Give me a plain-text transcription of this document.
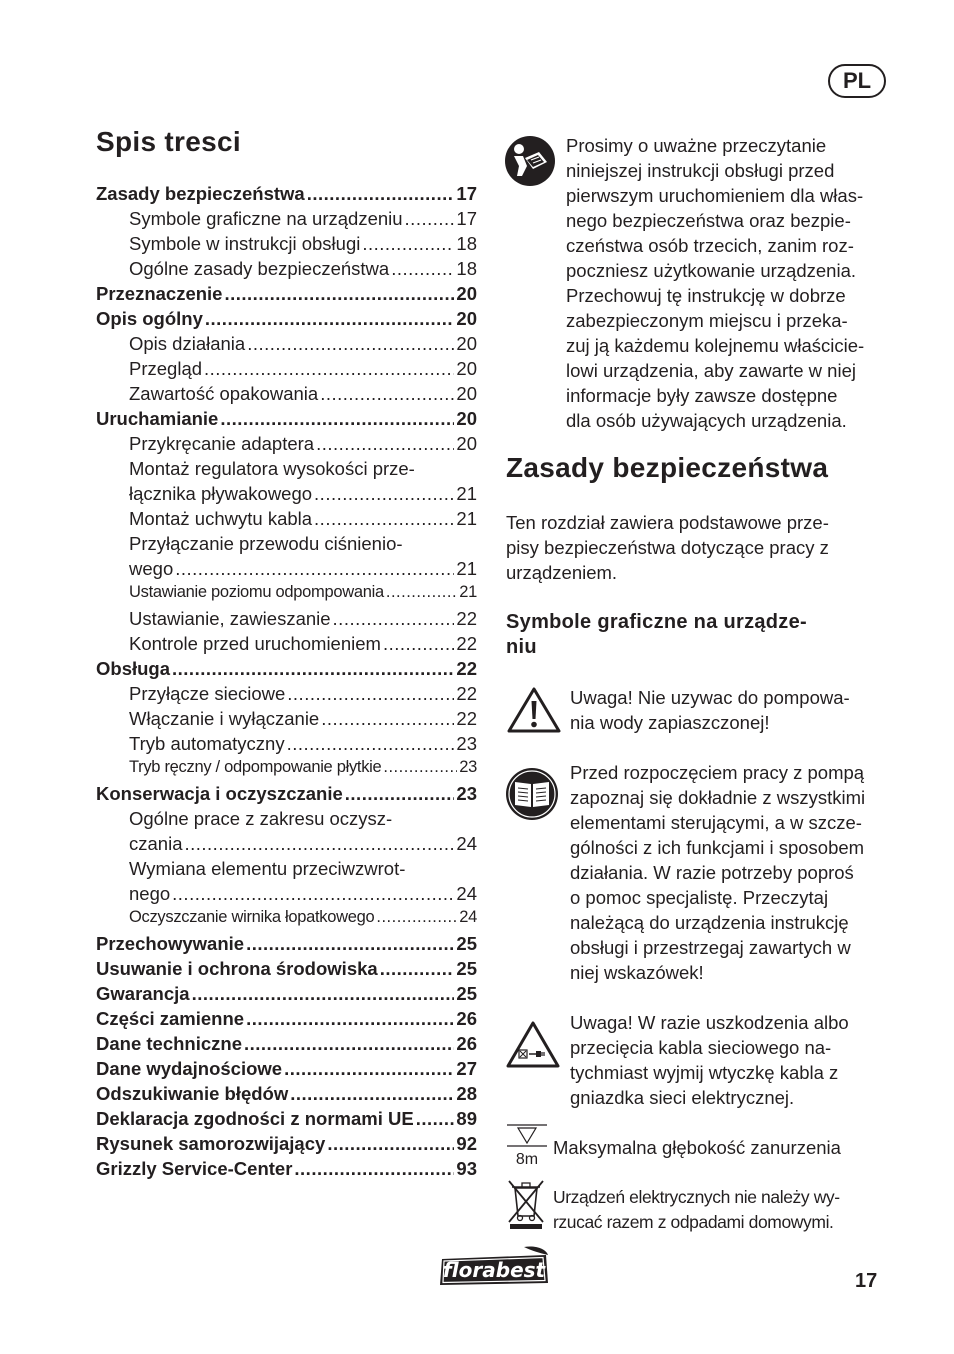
PL
Spis tresci
Zasady bezpieczeństwa .....	17
Symbole graficzne na urządzeniu .....	17
Symbole w instrukcji obsługi .....	18
Ogólne zasady bezpieczeństwa .....	18
Przeznaczenie .....	20
Opis ogólny .....	20
Opis działania .....	20
Przegląd .....	20
Zawartość opakowania .....	20
Uruchamianie .....	20
Przykręcanie adaptera .....	20
Montaż regulatora wysokości prze-
łącznika pływakowego .....	21
Montaż uchwytu kabla .....	21
Przyłączanie przewodu ciśnienio-
wego .....	21
Ustawianie poziomu odpompowania .....	21
Ustawianie, zawieszanie .....	22
Kontrole przed uruchomieniem .....	22
Obsługa .....	22
Przyłącze sieciowe .....	22
Włączanie i wyłączanie .....	22
Tryb automatyczny .....	23
Tryb ręczny / odpompowanie płytkie .....	23
Konserwacja i oczyszczanie .....	23
Ogólne prace z zakresu oczysz-
czania .....	24
Wymiana elementu przeciwzwrot-
nego .....	24
Oczyszczanie wirnika łopatkowego .....	24
Przechowywanie .....	25
Usuwanie i ochrona środowiska .....	25
Gwarancja .....	25
Części zamienne .....	26
Dane techniczne .....	26
Dane wydajnościowe .....	27
Odszukiwanie błędów .....	28
Deklaracja zgodności z normami UE ..... 89
Rysunek samorozwijający .....	92
Grizzly Service-Center .....	93

Prosimy o uważne przeczytanie
niniejszej instrukcji obsługi przed
pierwszym uruchomieniem dla włas-
nego bezpieczeństwa oraz bezpie-
czeństwa osób trzecich, zanim roz-
poczniesz użytkowanie urządzenia.
Przechowuj tę instrukcję w dobrze
zabezpieczonym miejscu i przeka-
zuj ją każdemu kolejnemu właścicie-
lowi urządzenia, aby zawarte w niej
informacje były zawsze dostępne
dla osób używających urządzenia.

Zasady bezpieczeństwa

Ten rozdział zawiera podstawowe prze-
pisy bezpieczeństwa dotyczące pracy z
urządzeniem.

Symbole graficzne na urządze-
niu

Uwaga! Nie uzywac do pompowa-
nia wody zapiaszczonej!

Przed rozpoczęciem pracy z pompą
zapoznaj się dokładnie z wszystkimi
elementami sterującymi, a w szcze-
gólności z ich funkcjami i sposobem
działania. W razie potrzeby poproś
o pomoc specjalistę. Przeczytaj
należącą do urządzenia instrukcję
obsługi i przestrzegaj zawartych w
niej wskazówek!

Uwaga! W razie uszkodzenia albo
przecięcia kabla sieciowego na-
tychmiast wyjmij wtyczkę kabla z
gniazdka sieci elektrycznej.

8m

Maksymalna głębokość zanurzenia

Urządzeń elektrycznych nie należy wy-
rzucać razem z odpadami domowymi.

florabest	17
